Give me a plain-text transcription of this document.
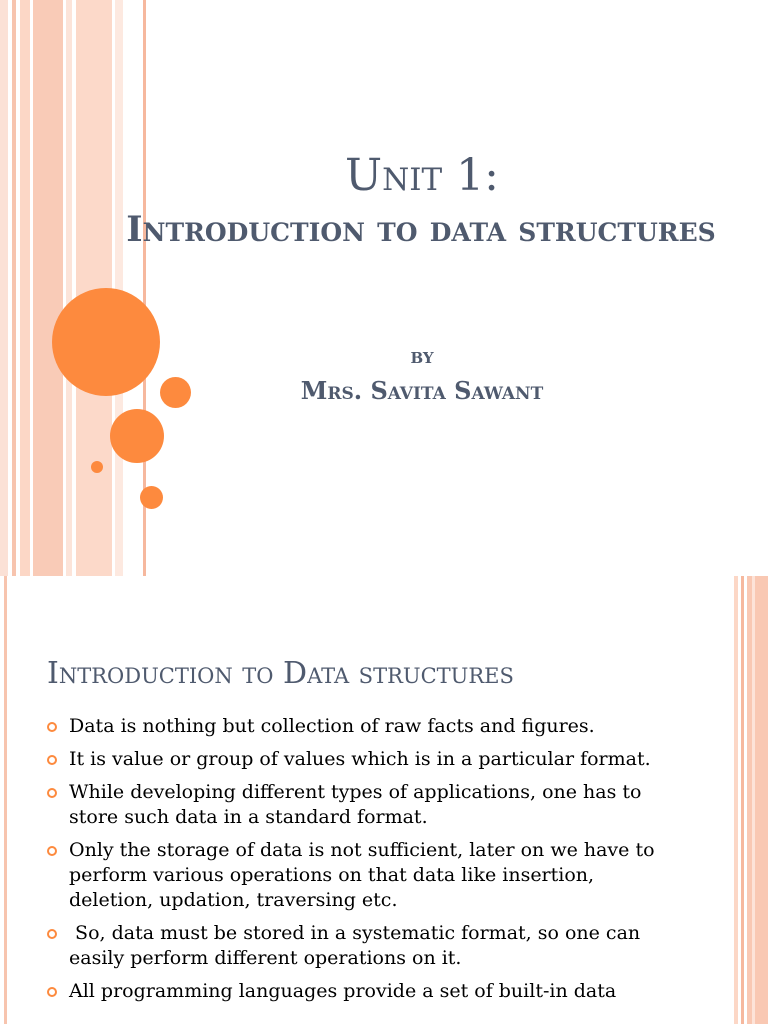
Unit 1:
Introduction to data structures
by
Mrs. Savita Sawant
Introduction to Data structures
Data is nothing but collection of raw facts and figures.
It is value or group of values which is in a particular format.
While developing different types of applications, one has to store such data in a standard format.
Only the storage of data is not sufficient, later on we have to perform various operations on that data like insertion, deletion, updation, traversing etc.
So, data must be stored in a systematic format, so one can easily perform different operations on it.
All programming languages provide a set of built-in data
